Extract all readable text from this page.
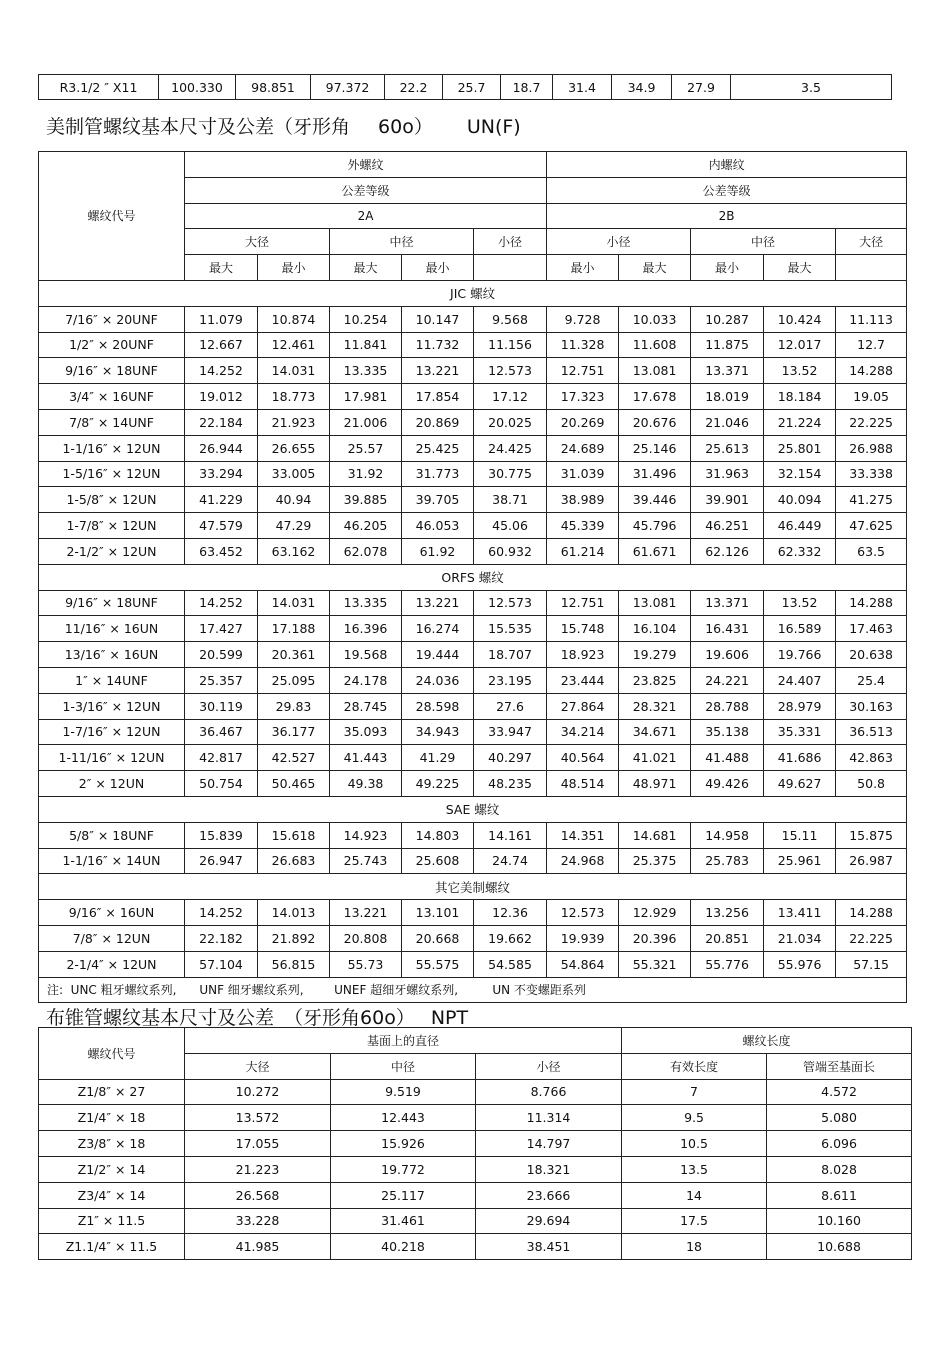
R3.1/2 ″ X11	100.330	98.851	97.372	22.2	25.7	18.7	31.4	34.9	27.9	3.5
美制管螺纹基本尺寸及公差（牙形角 60o） UN(F)
螺纹代号	外螺纹					内螺纹				
	公差等级					公差等级				
	2A					2B				
	大径		中径		小径	小径		中径		大径
	最大	最小	最大	最小		最小	最大	最小	最大	
JIC 螺纹										
7/16″ × 20UNF	11.079	10.874	10.254	10.147	9.568	9.728	10.033	10.287	10.424	11.113
1/2″ × 20UNF	12.667	12.461	11.841	11.732	11.156	11.328	11.608	11.875	12.017	12.7
9/16″ × 18UNF	14.252	14.031	13.335	13.221	12.573	12.751	13.081	13.371	13.52	14.288
3/4″ × 16UNF	19.012	18.773	17.981	17.854	17.12	17.323	17.678	18.019	18.184	19.05
7/8″ × 14UNF	22.184	21.923	21.006	20.869	20.025	20.269	20.676	21.046	21.224	22.225
1-1/16″ × 12UN	26.944	26.655	25.57	25.425	24.425	24.689	25.146	25.613	25.801	26.988
1-5/16″ × 12UN	33.294	33.005	31.92	31.773	30.775	31.039	31.496	31.963	32.154	33.338
1-5/8″ × 12UN	41.229	40.94	39.885	39.705	38.71	38.989	39.446	39.901	40.094	41.275
1-7/8″ × 12UN	47.579	47.29	46.205	46.053	45.06	45.339	45.796	46.251	46.449	47.625
2-1/2″ × 12UN	63.452	63.162	62.078	61.92	60.932	61.214	61.671	62.126	62.332	63.5
ORFS 螺纹										
9/16″ × 18UNF	14.252	14.031	13.335	13.221	12.573	12.751	13.081	13.371	13.52	14.288
11/16″ × 16UN	17.427	17.188	16.396	16.274	15.535	15.748	16.104	16.431	16.589	17.463
13/16″ × 16UN	20.599	20.361	19.568	19.444	18.707	18.923	19.279	19.606	19.766	20.638
1″ × 14UNF	25.357	25.095	24.178	24.036	23.195	23.444	23.825	24.221	24.407	25.4
1-3/16″ × 12UN	30.119	29.83	28.745	28.598	27.6	27.864	28.321	28.788	28.979	30.163
1-7/16″ × 12UN	36.467	36.177	35.093	34.943	33.947	34.214	34.671	35.138	35.331	36.513
1-11/16″ × 12UN	42.817	42.527	41.443	41.29	40.297	40.564	41.021	41.488	41.686	42.863
2″ × 12UN	50.754	50.465	49.38	49.225	48.235	48.514	48.971	49.426	49.627	50.8
SAE 螺纹										
5/8″ × 18UNF	15.839	15.618	14.923	14.803	14.161	14.351	14.681	14.958	15.11	15.875
1-1/16″ × 14UN	26.947	26.683	25.743	25.608	24.74	24.968	25.375	25.783	25.961	26.987
其它美制螺纹										
9/16″ × 16UN	14.252	14.013	13.221	13.101	12.36	12.573	12.929	13.256	13.411	14.288
7/8″ × 12UN	22.182	21.892	20.808	20.668	19.662	19.939	20.396	20.851	21.034	22.225
2-1/4″ × 12UN	57.104	56.815	55.73	55.575	54.585	54.864	55.321	55.776	55.976	57.15
注:  UNC 粗牙螺纹系列,      UNF 细牙螺纹系列,        UNEF 超细牙螺纹系列,         UN 不变螺距系列										
布锥管螺纹基本尺寸及公差 （牙形角60o） NPT
螺纹代号	基面上的直径			螺纹长度	
	大径	中径	小径	有效长度	管端至基面长
Z1/8″ × 27	10.272	9.519	8.766	7	4.572
Z1/4″ × 18	13.572	12.443	11.314	9.5	5.080
Z3/8″ × 18	17.055	15.926	14.797	10.5	6.096
Z1/2″ × 14	21.223	19.772	18.321	13.5	8.028
Z3/4″ × 14	26.568	25.117	23.666	14	8.611
Z1″ × 11.5	33.228	31.461	29.694	17.5	10.160
Z1.1/4″ × 11.5	41.985	40.218	38.451	18	10.688
